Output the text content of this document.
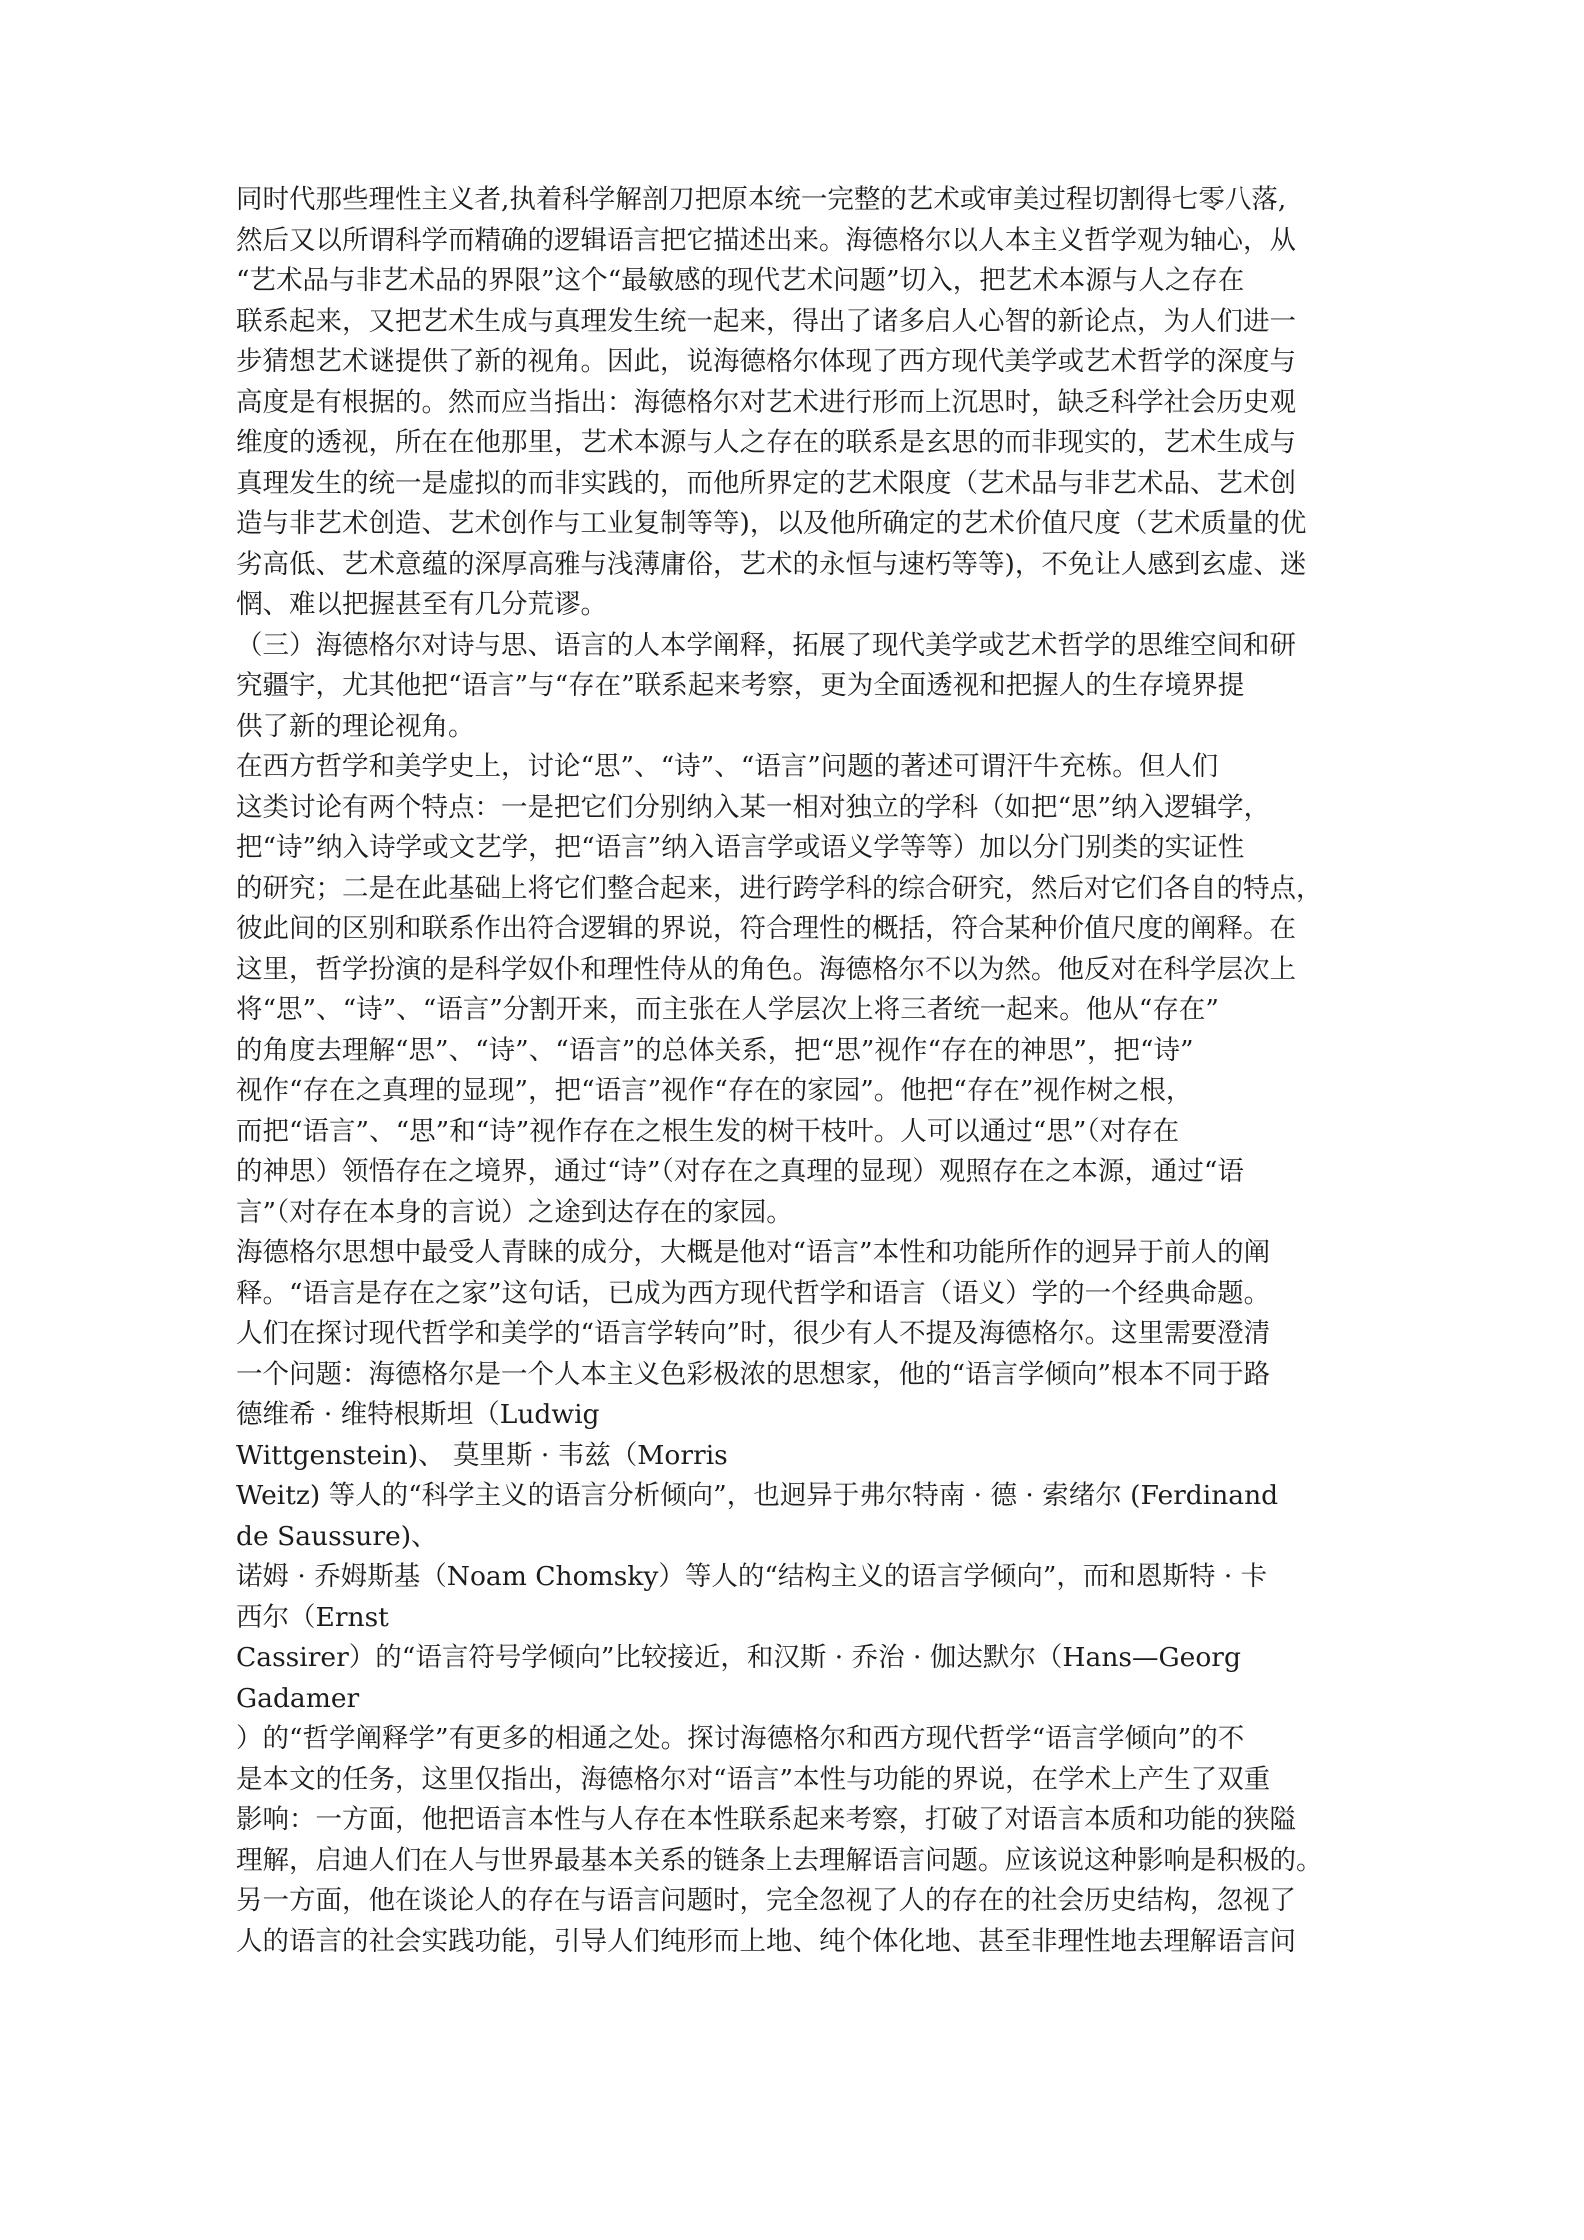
同时代那些理性主义者,执着科学解剖刀把原本统一完整的艺术或审美过程切割得七零八落,
然后又以所谓科学而精确的逻辑语言把它描述出来。海德格尔以人本主义哲学观为轴心，从
“艺术品与非艺术品的界限”这个“最敏感的现代艺术问题”切入，把艺术本源与人之存在
联系起来，又把艺术生成与真理发生统一起来，得出了诸多启人心智的新论点，为人们进一
步猜想艺术谜提供了新的视角。因此，说海德格尔体现了西方现代美学或艺术哲学的深度与
高度是有根据的。然而应当指出：海德格尔对艺术进行形而上沉思时，缺乏科学社会历史观
维度的透视，所在在他那里，艺术本源与人之存在的联系是玄思的而非现实的，艺术生成与
真理发生的统一是虚拟的而非实践的，而他所界定的艺术限度（艺术品与非艺术品、艺术创
造与非艺术创造、艺术创作与工业复制等等)，以及他所确定的艺术价值尺度（艺术质量的优
劣高低、艺术意蕴的深厚高雅与浅薄庸俗，艺术的永恒与速朽等等)，不免让人感到玄虚、迷
惘、难以把握甚至有几分荒谬。
（三）海德格尔对诗与思、语言的人本学阐释，拓展了现代美学或艺术哲学的思维空间和研
究疆宇，尤其他把“语言”与“存在”联系起来考察，更为全面透视和把握人的生存境界提
供了新的理论视角。
在西方哲学和美学史上，讨论“思”、“诗”、“语言”问题的著述可谓汗牛充栋。但人们
这类讨论有两个特点：一是把它们分别纳入某一相对独立的学科（如把“思”纳入逻辑学，
把“诗”纳入诗学或文艺学，把“语言”纳入语言学或语义学等等）加以分门别类的实证性
的研究；二是在此基础上将它们整合起来，进行跨学科的综合研究，然后对它们各自的特点，
彼此间的区别和联系作出符合逻辑的界说，符合理性的概括，符合某种价值尺度的阐释。在
这里，哲学扮演的是科学奴仆和理性侍从的角色。海德格尔不以为然。他反对在科学层次上
将“思”、“诗”、“语言”分割开来，而主张在人学层次上将三者统一起来。他从“存在”
的角度去理解“思”、“诗”、“语言”的总体关系，把“思”视作“存在的神思”，把“诗”
视作“存在之真理的显现”，把“语言”视作“存在的家园”。他把“存在”视作树之根，
而把“语言”、“思”和“诗”视作存在之根生发的树干枝叶。人可以通过“思”（对存在
的神思）领悟存在之境界，通过“诗”（对存在之真理的显现）观照存在之本源，通过“语
言”（对存在本身的言说）之途到达存在的家园。
海德格尔思想中最受人青睐的成分，大概是他对“语言”本性和功能所作的迥异于前人的阐
释。“语言是存在之家”这句话，已成为西方现代哲学和语言（语义）学的一个经典命题。
人们在探讨现代哲学和美学的“语言学转向”时，很少有人不提及海德格尔。这里需要澄清
一个问题：海德格尔是一个人本主义色彩极浓的思想家，他的“语言学倾向”根本不同于路
德维希 · 维特根斯坦（Ludwig
Wittgenstein)、 莫里斯 · 韦兹（Morris
Weitz) 等人的“科学主义的语言分析倾向”，也迥异于弗尔特南 · 德 · 索绪尔 (Ferdinand
de Saussure)、
诺姆 · 乔姆斯基（Noam Chomsky）等人的“结构主义的语言学倾向”，而和恩斯特 · 卡
西尔（Ernst
Cassirer）的“语言符号学倾向”比较接近，和汉斯 · 乔治 · 伽达默尔（Hans—Georg
Gadamer
）的“哲学阐释学”有更多的相通之处。探讨海德格尔和西方现代哲学“语言学倾向”的不
是本文的任务，这里仅指出，海德格尔对“语言”本性与功能的界说，在学术上产生了双重
影响：一方面，他把语言本性与人存在本性联系起来考察，打破了对语言本质和功能的狭隘
理解，启迪人们在人与世界最基本关系的链条上去理解语言问题。应该说这种影响是积极的。
另一方面，他在谈论人的存在与语言问题时，完全忽视了人的存在的社会历史结构，忽视了
人的语言的社会实践功能，引导人们纯形而上地、纯个体化地、甚至非理性地去理解语言问
